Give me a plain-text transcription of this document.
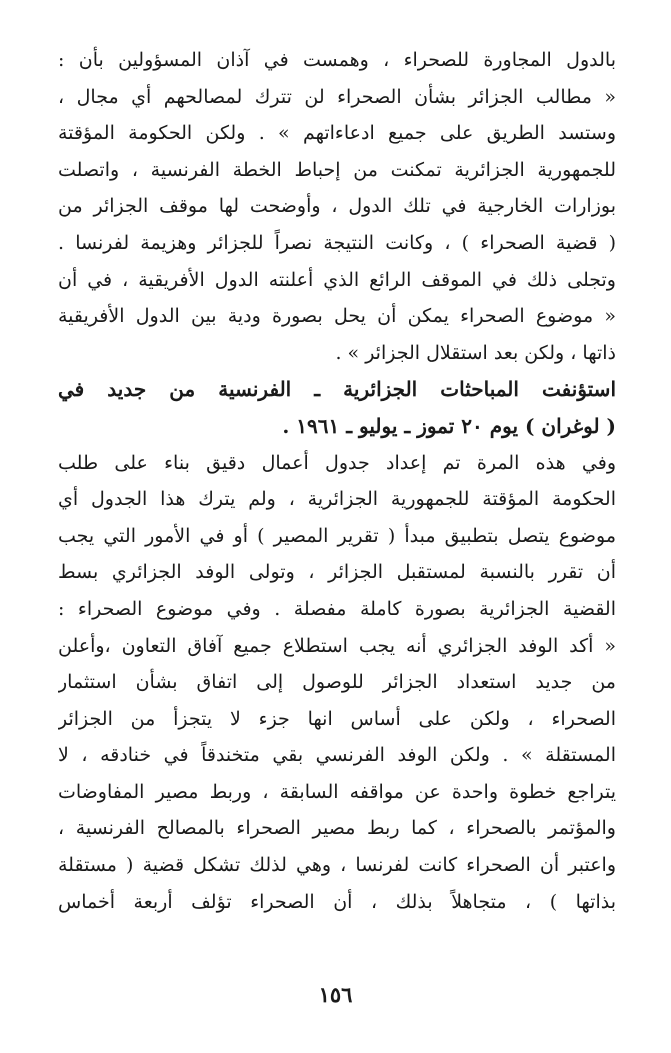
بالدول المجاورة للصحراء ، وهمست في آذان المسؤولين بأن :
« مطالب الجزائر بشأن الصحراء لن تترك لمصالحهم أي مجال ،
وستسد الطريق على جميع ادعاءاتهم » . ولكن الحكومة المؤقتة
للجمهورية الجزائرية تمكنت من إحباط الخطة الفرنسية ، واتصلت
بوزارات الخارجية في تلك الدول ، وأوضحت لها موقف الجزائر من
( قضية الصحراء ) ، وكانت النتيجة نصراً للجزائر وهزيمة لفرنسا .
وتجلى ذلك في الموقف الرائع الذي أعلنته الدول الأفريقية ، في أن
« موضوع الصحراء يمكن أن يحل بصورة ودية بين الدول الأفريقية
ذاتها ، ولكن بعد استقلال الجزائر » .
استؤنفت المباحثات الجزائرية ـ الفرنسية من جديد في
( لوغران ) يوم ٢٠ تموز ـ يوليو ـ ١٩٦١ .
وفي هذه المرة تم إعداد جدول أعمال دقيق بناء على طلب
الحكومة المؤقتة للجمهورية الجزائرية ، ولم يترك هذا الجدول أي
موضوع يتصل بتطبيق مبدأ ( تقرير المصير ) أو في الأمور التي يجب
أن تقرر بالنسبة لمستقبل الجزائر ، وتولى الوفد الجزائري بسط
القضية الجزائرية بصورة كاملة مفصلة . وفي موضوع الصحراء :
« أكد الوفد الجزائري أنه يجب استطلاع جميع آفاق التعاون ،وأعلن
من جديد استعداد الجزائر للوصول إلى اتفاق بشأن استثمار
الصحراء ، ولكن على أساس انها جزء لا يتجزأ من الجزائر
المستقلة » . ولكن الوفد الفرنسي بقي متخندقاً في خنادقه ، لا
يتراجع خطوة واحدة عن مواقفه السابقة ، وربط مصير المفاوضات
والمؤتمر بالصحراء ، كما ربط مصير الصحراء بالمصالح الفرنسية ،
واعتبر أن الصحراء كانت لفرنسا ، وهي لذلك تشكل قضية ( مستقلة
بذاتها ) ، متجاهلاً بذلك ، أن الصحراء تؤلف أربعة أخماس
١٥٦
